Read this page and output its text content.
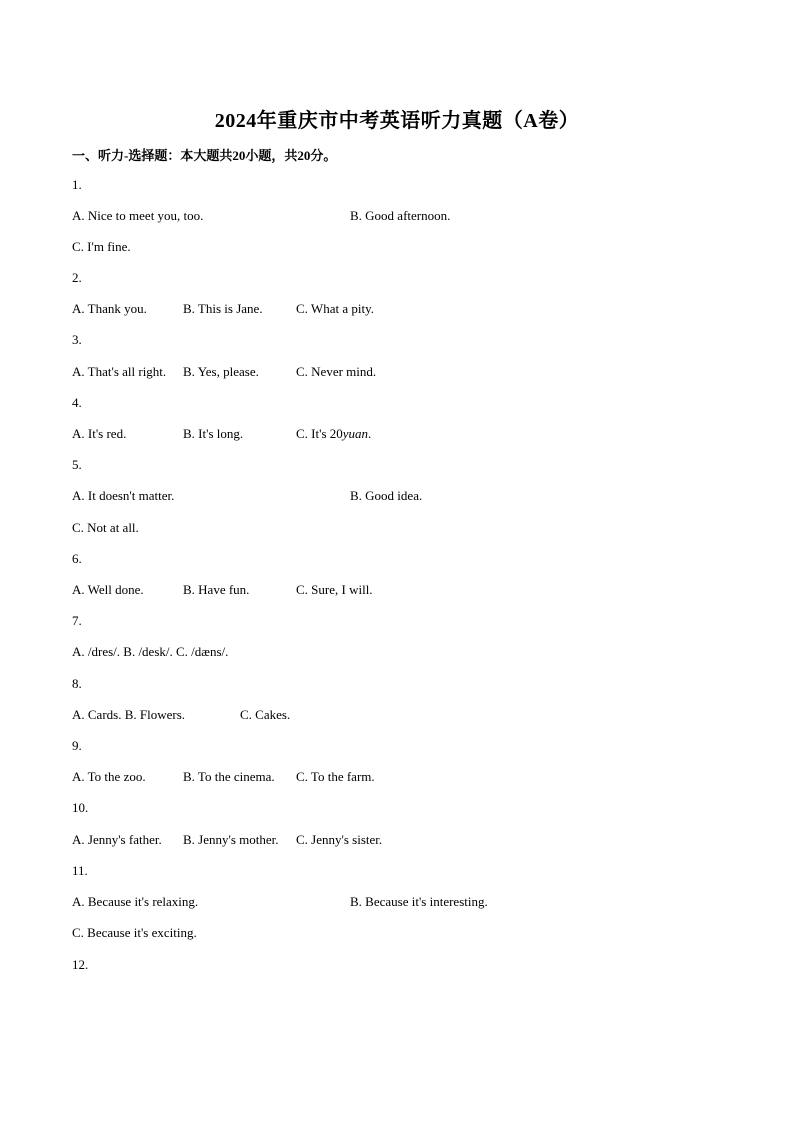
2024年重庆市中考英语听力真题（A卷）
一、听力-选择题：本大题共20小题，共20分。
1.
A. Nice to meet you, too.	B. Good afternoon.
C. I'm fine.
2.
A. Thank you.	B. This is Jane.	C. What a pity.
3.
A. That's all right. B. Yes, please.	C. Never mind.
4.
A. It's red.	B. It's long.	C. It's 20yuan.
5.
A. It doesn't matter.	B. Good idea.
C. Not at all.
6.
A. Well done.	B. Have fun.	C. Sure, I will.
7.
A. /dres/. B. /desk/. C. /dæns/.
8.
A. Cards. B. Flowers.	C. Cakes.
9.
A. To the zoo.	B. To the cinema. C. To the farm.
10.
A. Jenny's father. B. Jenny's mother. C. Jenny's sister.
11.
A. Because it's relaxing.	B. Because it's interesting.
C. Because it's exciting.
12.
